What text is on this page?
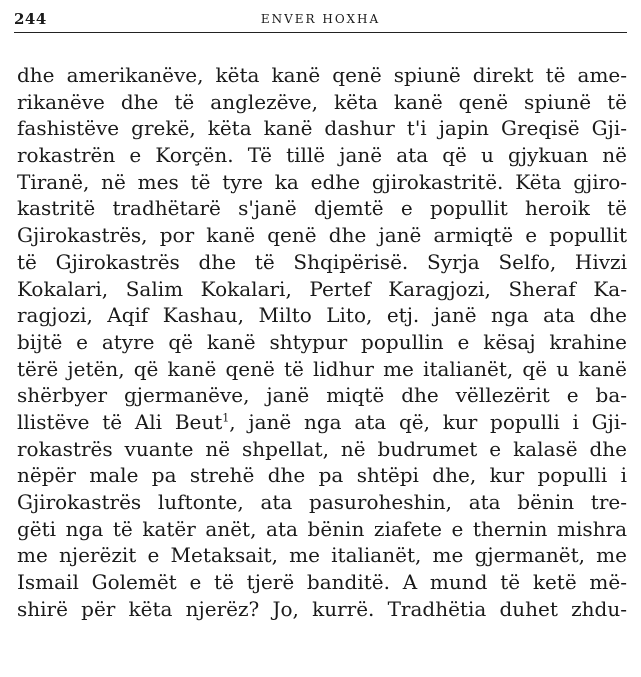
244	ENVER HOXHA
dhe amerikanëve, këta kanë qenë spiunë direkt të ame-
rikanëve dhe të anglezëve, këta kanë qenë spiunë të
fashistëve grekë, këta kanë dashur t'i japin Greqisë Gji-
rokastrën e Korçën. Të tillë janë ata që u gjykuan në
Tiranë, në mes të tyre ka edhe gjirokastritë. Këta gjiro-
kastritë tradhëtarë s'janë djemtë e popullit heroik të
Gjirokastrës, por kanë qenë dhe janë armiqtë e popullit
të Gjirokastrës dhe të Shqipërisë. Syrja Selfo, Hivzi
Kokalari, Salim Kokalari, Pertef Karagjozi, Sheraf Ka-
ragjozi, Aqif Kashau, Milto Lito, etj. janë nga ata dhe
bijtë e atyre që kanë shtypur popullin e kësaj krahine
tërë jetën, që kanë qenë të lidhur me italianët, që u kanë
shërbyer gjermanëve, janë miqtë dhe vëllezërit e ba-
llistëve të Ali Beut$^1$, janë nga ata që, kur populli i Gji-
rokastrës vuante në shpellat, në budrumet e kalasë dhe
nëpër male pa strehë dhe pa shtëpi dhe, kur populli i
Gjirokastrës luftonte, ata pasuroheshin, ata bënin tre-
gëti nga të katër anët, ata bënin ziafete e thernin mishra
me njerëzit e Metaksait, me italianët, me gjermanët, me
Ismail Golemët e të tjerë banditë. A mund të ketë më-
shirë për këta njerëz? Jo, kurrë. Tradhëtia duhet zhdu-
